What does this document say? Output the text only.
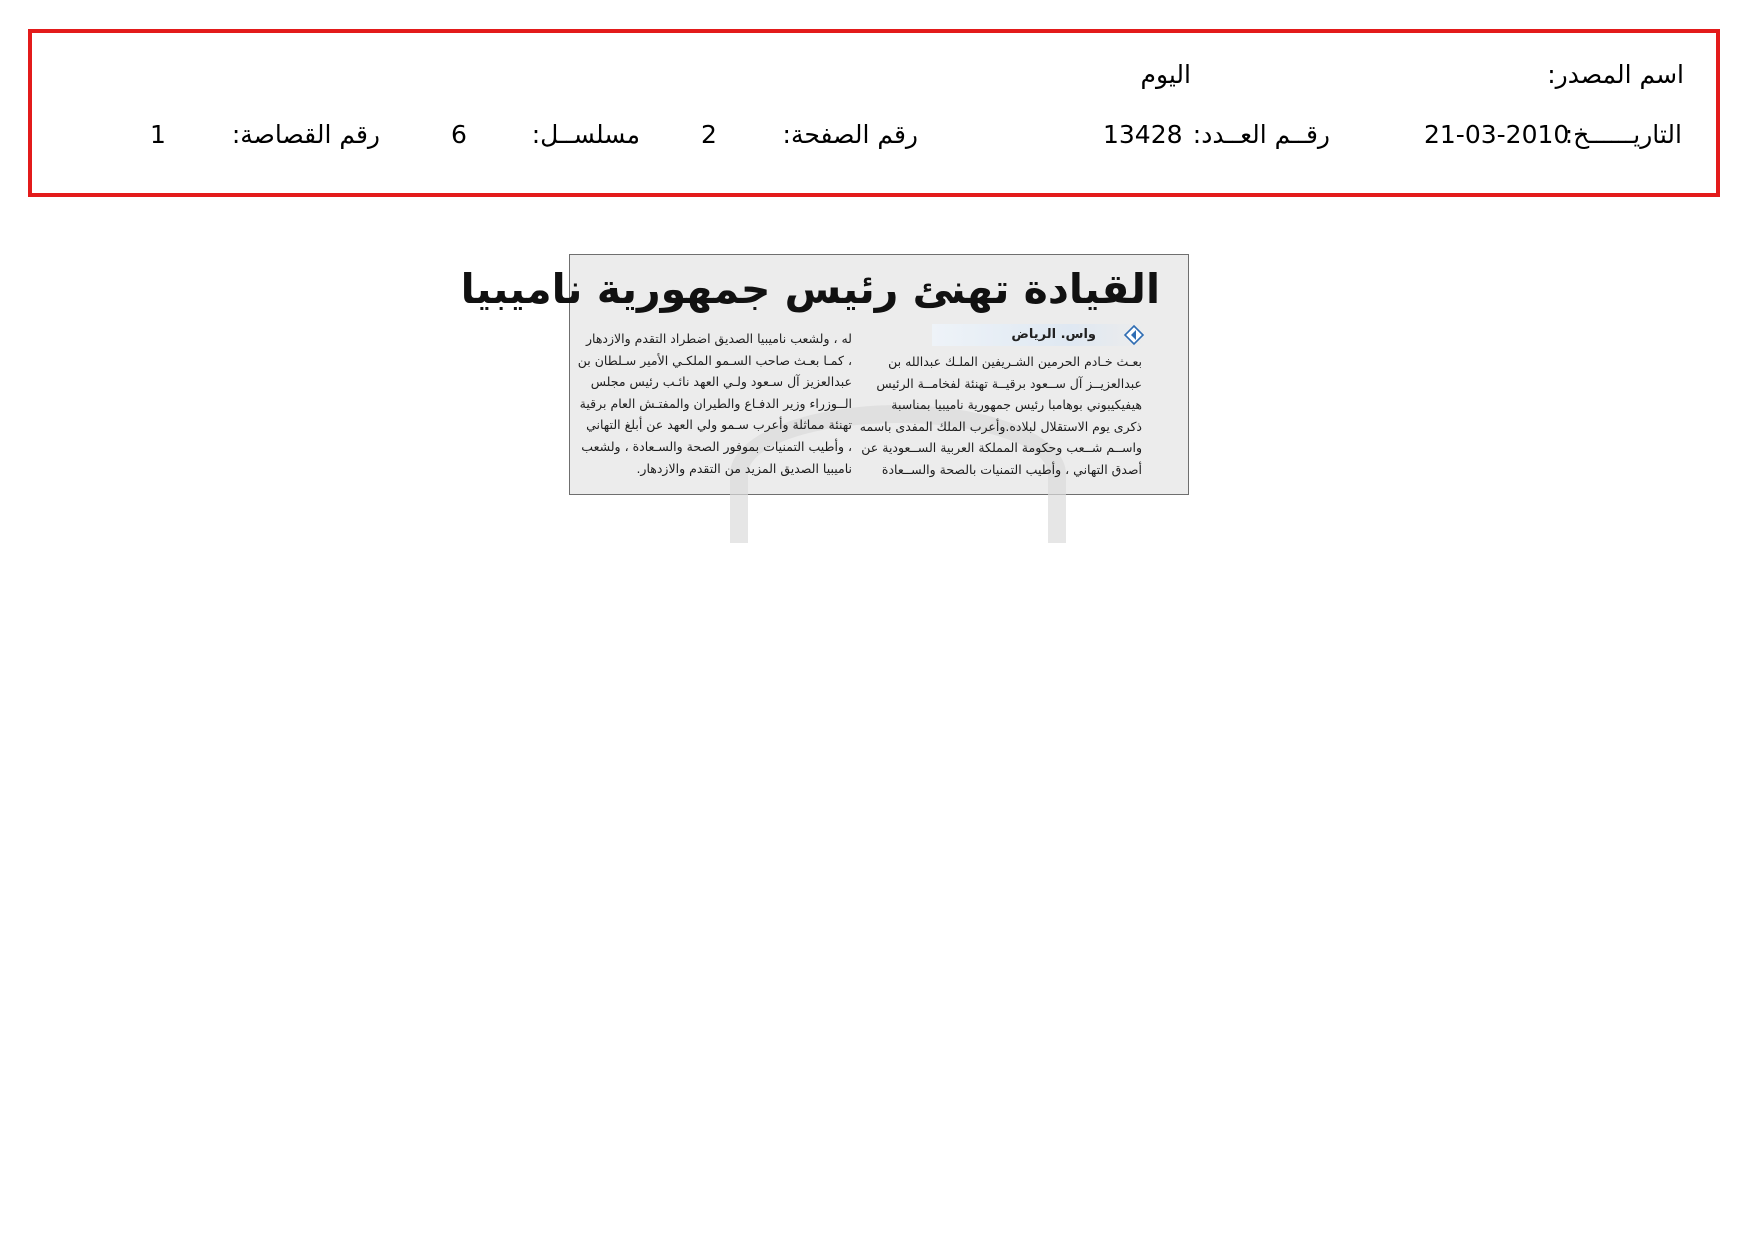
اسم المصدر:
اليوم
التاريــــــخ:
21-03-2010
رقــم العــدد:
13428
رقم الصفحة:
2
مسلســل:
6
رقم القصاصة:
1
القيادة تهنئ رئيس جمهورية ناميبيا
واس. الرياض
بعـث خـادم الحرمين الشـريفين الملـك عبدالله بن
عبدالعزيــز آل ســعود برقيــة تهنئة لفخامــة الرئيس
هيفيكيبوني بوهامبا رئيس جمهورية ناميبيا بمناسبة
ذكرى يوم الاستقلال لبلاده.وأعرب الملك المفدى باسمه
واســم شــعب وحكومة المملكة العربية الســعودية عن
أصدق التهاني ، وأطيب التمنيات بالصحة والســعادة
له ، ولشعب ناميبيا الصديق اضطراد التقدم والازدهار
، كمـا بعـث صاحب السـمو الملكـي الأمير سـلطان بن
عبدالعزيز آل سـعود ولـي العهد نائـب رئيس مجلس
الــوزراء وزير الدفـاع والطيران والمفتـش العام برقية
تهنئة مماثلة وأعرب سـمو ولي العهد عن أبلغ التهاني
، وأطيب التمنيات بموفور الصحة والسـعادة ، ولشعب
ناميبيا الصديق المزيد من التقدم والازدهار.
